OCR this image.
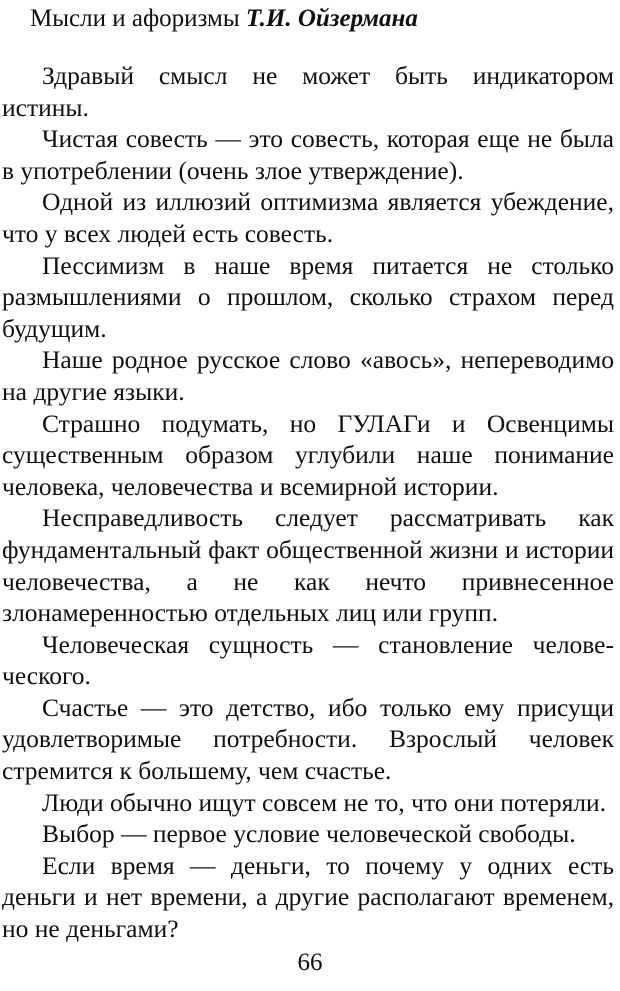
Мысли и афоризмы Т.И. Ойзермана

Здравый смысл не может быть индикатором истины.

Чистая совесть — это совесть, которая еще не была в употреблении (очень злое утверждение).

Одной из иллюзий оптимизма является убеждение, что у всех людей есть совесть.

Пессимизм в наше время питается не столько размышлениями о прошлом, сколько страхом перед будущим.

Наше родное русское слово «авось», непереводимо на другие языки.

Страшно подумать, но ГУЛАГи и Освенцимы существенным образом углубили наше понимание человека, человечества и всемирной истории.

Несправедливость следует рассматривать как фундаментальный факт общественной жизни и истории человечества, а не как нечто привнесенное злонамеренностью отдельных лиц или групп.

Человеческая сущность — становление человеческого.

Счастье — это детство, ибо только ему присущи удовлетворимые потребности. Взрослый человек стремится к большему, чем счастье.

Люди обычно ищут совсем не то, что они потеряли.

Выбор — первое условие человеческой свободы.

Если время — деньги, то почему у одних есть деньги и нет времени, а другие располагают временем, но не деньгами?

66
